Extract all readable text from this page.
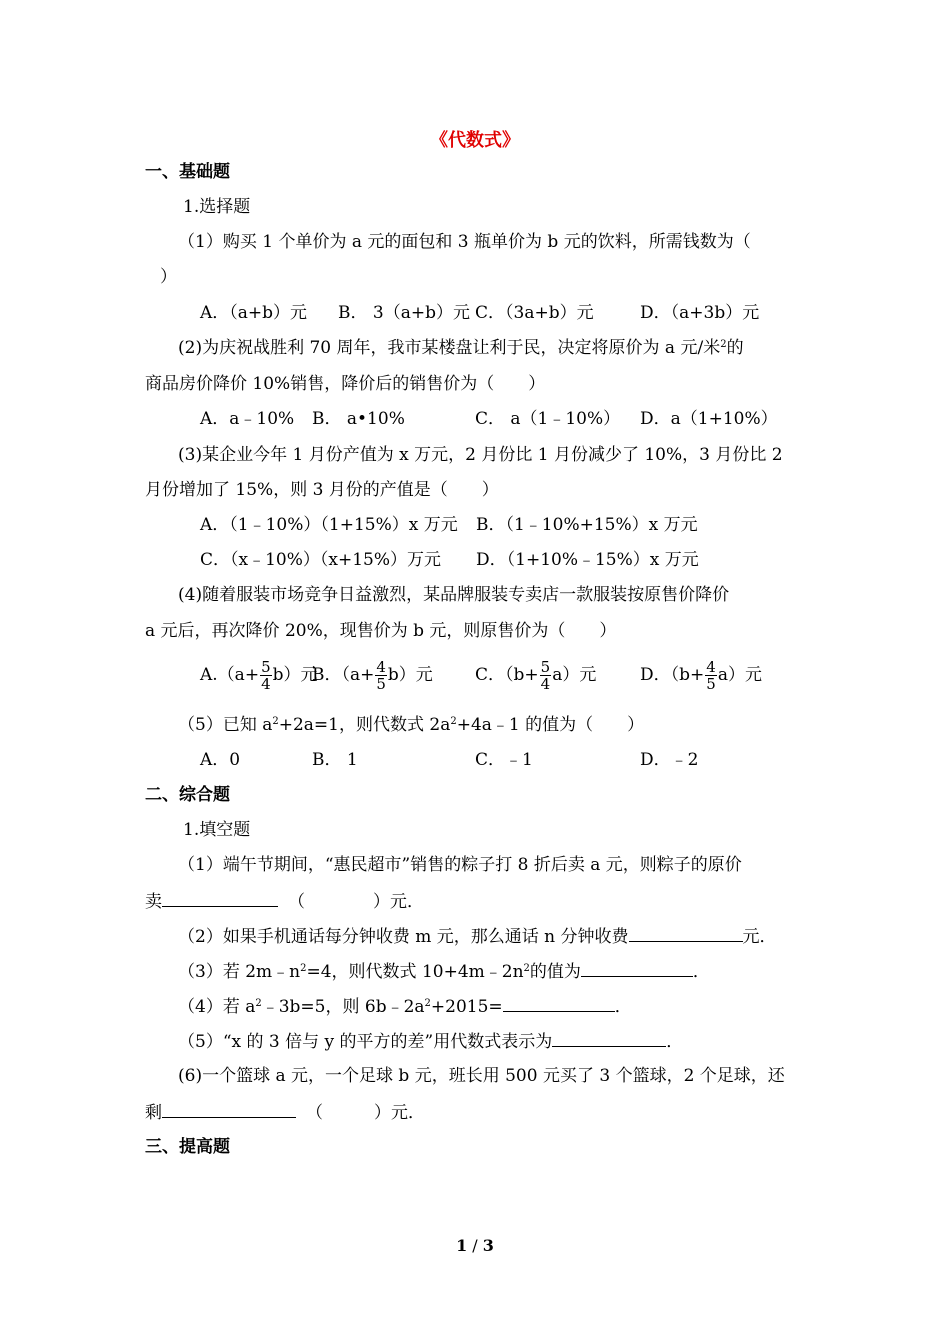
《代数式》
一、基础题
1.选择题
（1）购买 1 个单价为 a 元的面包和 3 瓶单价为 b 元的饮料，所需钱数为（
）
A．（a+b）元 B． 3（a+b）元 C．（3a+b）元	D．（a+3b）元
(2)为庆祝战胜利 70 周年，我市某楼盘让利于民，决定将原价为 a 元/米$^2$的
商品房价降价 10%销售，降价后的销售价为（　　）
A．a﹣10% B． a•10%	C． a（1﹣10%） D．a（1+10%）
(3)某企业今年 1 月份产值为 x 万元，2 月份比 1 月份减少了 10%，3 月份比 2
月份增加了 15%，则 3 月份的产值是（　　）
A．（1﹣10%）（1+15%）x 万元 B．（1﹣10%+15%）x 万元
C．（x﹣10%）（x+15%）万元 D．（1+10%﹣15%）x 万元
(4)随着服装市场竞争日益激烈，某品牌服装专卖店一款服装按原售价降价
a 元后，再次降价 20%，现售价为 b 元，则原售价为（　　）
$A.(a+ \frac{5}{4} b)$元
B．$(a+ \frac{4}{5} b)$元 C．$(b+ \frac{5}{4} a)$元	D．$(b+ \frac{4}{5} a)$元
（5）已知 $a^2+2a=1$，则代数式 $2a^2+4a﹣1$ 的值为（　　）
A．0	B． 1	C．﹣1	D．﹣2
二、综合题
1.填空题
（1）端午节期间，“惠民超市”销售的粽子打 8 折后卖 a 元，则粽子的原价
卖	（　　　　）元．
（2）如果手机通话每分钟收费 m 元，那么通话 n 分钟收费	元．
（3）若 $2m﹣n^2=4$，则代数式 $10+4m﹣2n^2$的值为	．
（4）若 $a^2﹣3b=5$，则 $6b﹣2a^2+2015=$	．
（5）“x 的 3 倍与 y 的平方的差”用代数式表示为	．
(6)一个篮球 a 元，一个足球 b 元，班长用 500 元买了 3 个篮球，2 个足球，还
剩	（　　　）元．
三、提高题
1 / 3
